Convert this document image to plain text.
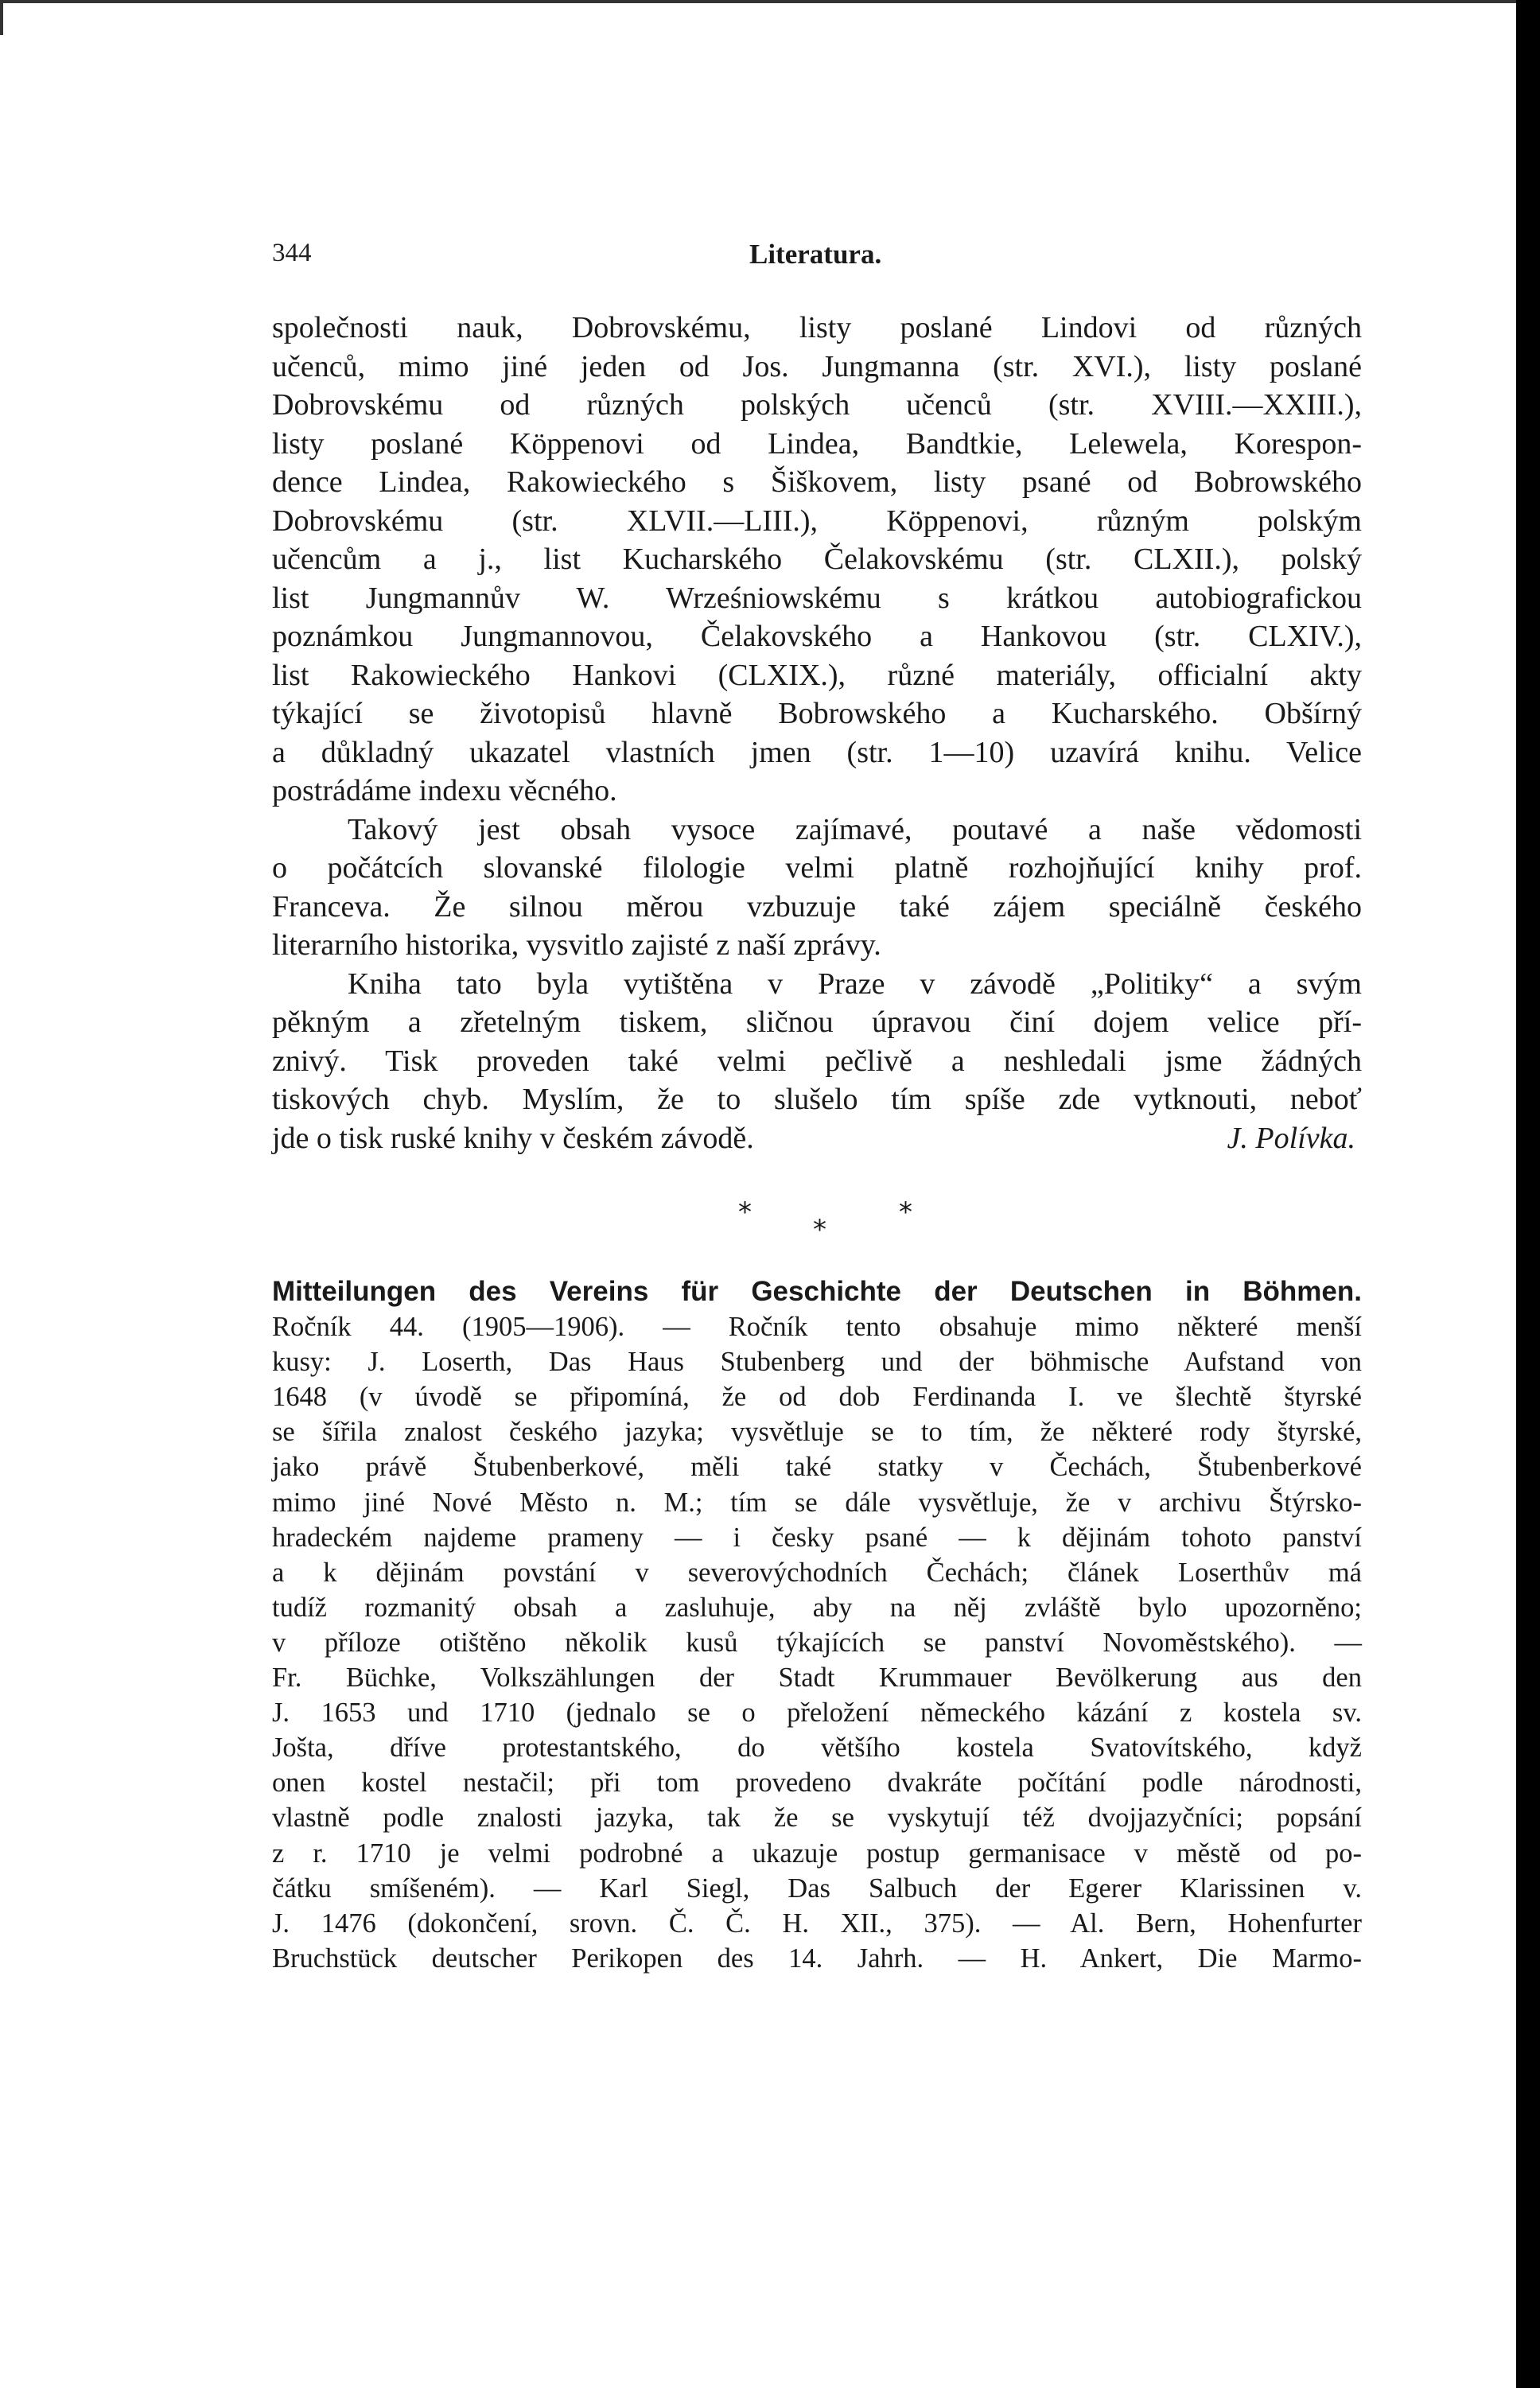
344	Literatura.
společnosti nauk, Dobrovskému, listy poslané Lindovi od různých
učenců, mimo jiné jeden od Jos. Jungmanna (str. XVI.), listy poslané
Dobrovskému od různých polských učenců (str. XVIII.—XXIII.),
listy poslané Köppenovi od Lindea, Bandtkie, Lelewela, Korespon-
dence Lindea, Rakowieckého s Šiškovem, listy psané od Bobrowského
Dobrovskému (str. XLVII.—LIII.), Köppenovi, různým polským
učencům a j., list Kucharského Čelakovskému (str. CLXII.), polský
list Jungmannův W. Wrześniowskému s krátkou autobiografickou
poznámkou Jungmannovou, Čelakovského a Hankovou (str. CLXIV.),
list Rakowieckého Hankovi (CLXIX.), různé materiály, officialní akty
týkající se životopisů hlavně Bobrowského a Kucharského. Obšírný
a důkladný ukazatel vlastních jmen (str. 1—10) uzavírá knihu. Velice
postrádáme indexu věcného.
Takový jest obsah vysoce zajímavé, poutavé a naše vědomosti
o počátcích slovanské filologie velmi platně rozhojňující knihy prof.
Franceva. Že silnou měrou vzbuzuje také zájem speciálně českého
literarního historika, vysvitlo zajisté z naší zprávy.
Kniha tato byla vytištěna v Praze v závodě „Politiky“ a svým
pěkným a zřetelným tiskem, sličnou úpravou činí dojem velice pří-
znivý. Tisk proveden také velmi pečlivě a neshledali jsme žádných
tiskových chyb. Myslím, že to slušelo tím spíše zde vytknouti, neboť
jde o tisk ruské knihy v českém závodě.	J. Polívka.
*
*
*
Mitteilungen des Vereins für Geschichte der Deutschen in Böhmen.
Ročník 44. (1905—1906). — Ročník tento obsahuje mimo některé menší
kusy: J. Loserth, Das Haus Stubenberg und der böhmische Aufstand von
1648 (v úvodě se připomíná, že od dob Ferdinanda I. ve šlechtě štyrské
se šířila znalost českého jazyka; vysvětluje se to tím, že některé rody štyrské,
jako právě Štubenberkové, měli také statky v Čechách, Štubenberkové
mimo jiné Nové Město n. M.; tím se dále vysvětluje, že v archivu Štýrsko-
hradeckém najdeme prameny — i česky psané — k dějinám tohoto panství
a k dějinám povstání v severovýchodních Čechách; článek Loserthův má
tudíž rozmanitý obsah a zasluhuje, aby na něj zvláště bylo upozorněno;
v příloze otištěno několik kusů týkajících se panství Novoměstského). —
Fr. Büchke, Volkszählungen der Stadt Krummauer Bevölkerung aus den
J. 1653 und 1710 (jednalo se o přeložení německého kázání z kostela sv.
Jošta, dříve protestantského, do většího kostela Svatovítského, když
onen kostel nestačil; při tom provedeno dvakráte počítání podle národnosti,
vlastně podle znalosti jazyka, tak že se vyskytují též dvojjazyčníci; popsání
z r. 1710 je velmi podrobné a ukazuje postup germanisace v městě od po-
čátku smíšeném). — Karl Siegl, Das Salbuch der Egerer Klarissinen v.
J. 1476 (dokončení, srovn. Č. Č. H. XII., 375). — Al. Bern, Hohenfurter
Bruchstück deutscher Perikopen des 14. Jahrh. — H. Ankert, Die Marmo-
